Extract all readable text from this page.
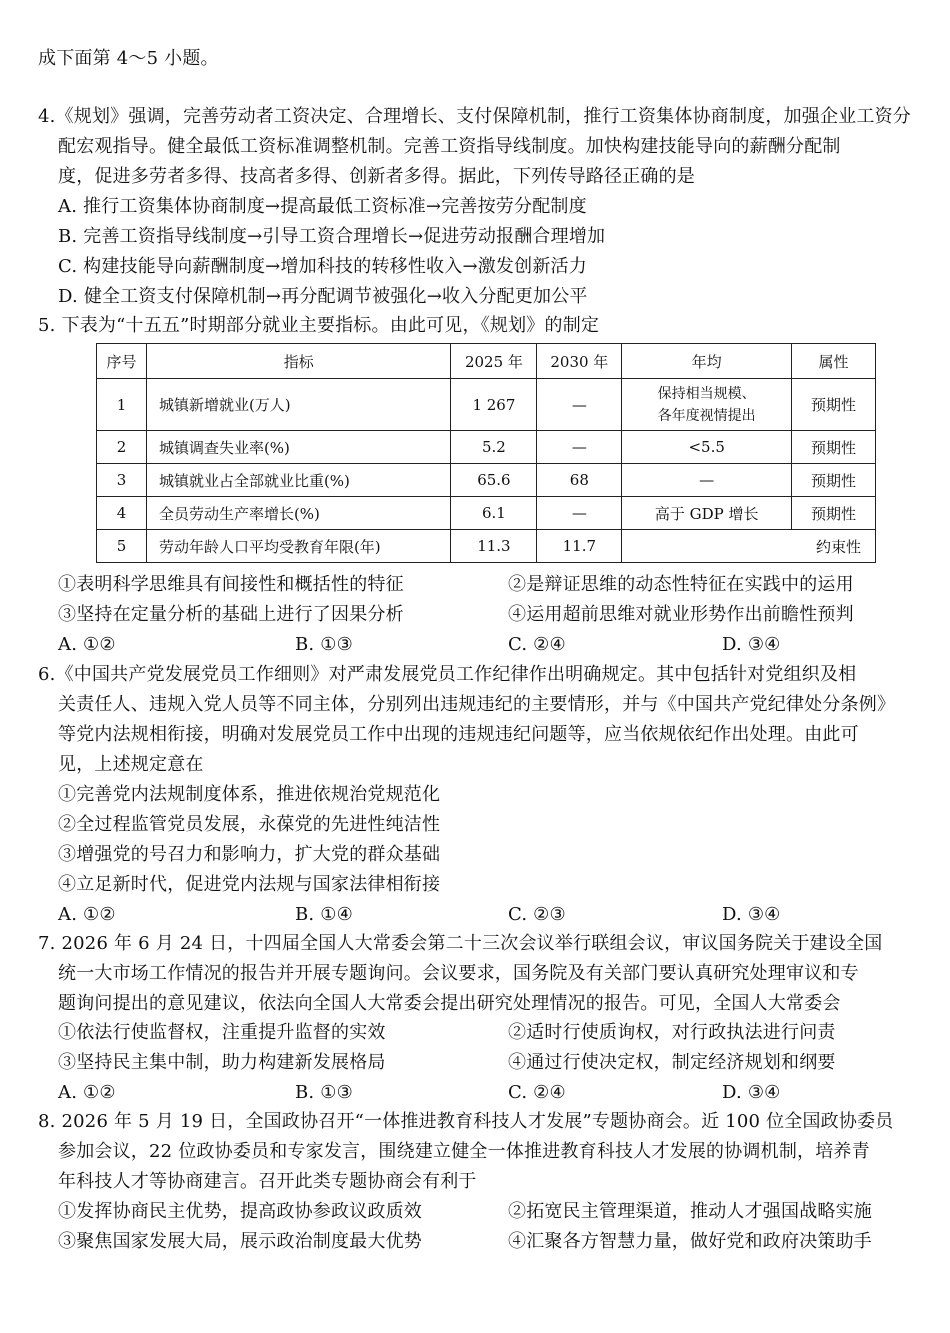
成下面第 4～5 小题。
4.《规划》强调，完善劳动者工资决定、合理增长、支付保障机制，推行工资集体协商制度，加强企业工资分
配宏观指导。健全最低工资标准调整机制。完善工资指导线制度。加快构建技能导向的薪酬分配制
度，促进多劳者多得、技高者多得、创新者多得。据此，下列传导路径正确的是
A. 推行工资集体协商制度→提高最低工资标准→完善按劳分配制度
B. 完善工资指导线制度→引导工资合理增长→促进劳动报酬合理增加
C. 构建技能导向薪酬制度→增加科技的转移性收入→激发创新活力
D. 健全工资支付保障机制→再分配调节被强化→收入分配更加公平
5. 下表为“十五五”时期部分就业主要指标。由此可见，《规划》的制定
序号	指标	2025 年	2030 年	年均	属性
1	城镇新增就业(万人)	1 267	—	保持相当规模、
各年度视情提出	预期性
2	城镇调查失业率(%)	5.2	—	<5.5	预期性
3	城镇就业占全部就业比重(%)	65.6	68	—	预期性
4	全员劳动生产率增长(%)	6.1	—	高于 GDP 增长	预期性
5	劳动年龄人口平均受教育年限(年)	11.3	11.7	约束性	
①表明科学思维具有间接性和概括性的特征	②是辩证思维的动态性特征在实践中的运用
③坚持在定量分析的基础上进行了因果分析	④运用超前思维对就业形势作出前瞻性预判
A. ①②	B. ①③	C. ②④	D. ③④
6.《中国共产党发展党员工作细则》对严肃发展党员工作纪律作出明确规定。其中包括针对党组织及相
关责任人、违规入党人员等不同主体，分别列出违规违纪的主要情形，并与《中国共产党纪律处分条例》
等党内法规相衔接，明确对发展党员工作中出现的违规违纪问题等，应当依规依纪作出处理。由此可
见，上述规定意在
①完善党内法规制度体系，推进依规治党规范化
②全过程监管党员发展，永葆党的先进性纯洁性
③增强党的号召力和影响力，扩大党的群众基础
④立足新时代，促进党内法规与国家法律相衔接
A. ①②	B. ①④	C. ②③	D. ③④
7. 2026 年 6 月 24 日，十四届全国人大常委会第二十三次会议举行联组会议，审议国务院关于建设全国
统一大市场工作情况的报告并开展专题询问。会议要求，国务院及有关部门要认真研究处理审议和专
题询问提出的意见建议，依法向全国人大常委会提出研究处理情况的报告。可见，全国人大常委会
①依法行使监督权，注重提升监督的实效	②适时行使质询权，对行政执法进行问责
③坚持民主集中制，助力构建新发展格局	④通过行使决定权，制定经济规划和纲要
A. ①②	B. ①③	C. ②④	D. ③④
8. 2026 年 5 月 19 日，全国政协召开“一体推进教育科技人才发展”专题协商会。近 100 位全国政协委员
参加会议，22 位政协委员和专家发言，围绕建立健全一体推进教育科技人才发展的协调机制，培养青
年科技人才等协商建言。召开此类专题协商会有利于
①发挥协商民主优势，提高政协参政议政质效	②拓宽民主管理渠道，推动人才强国战略实施
③聚焦国家发展大局，展示政治制度最大优势	④汇聚各方智慧力量，做好党和政府决策助手
